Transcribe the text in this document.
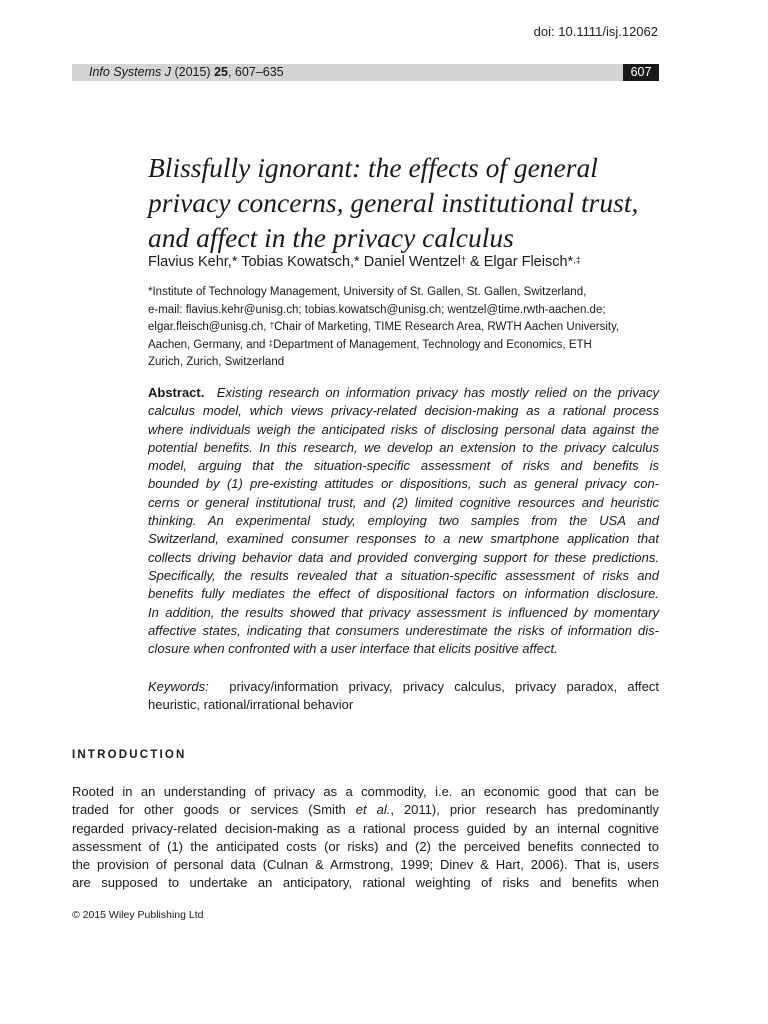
doi: 10.1111/isj.12062
Info Systems J (2015) 25, 607–635	607
Blissfully ignorant: the effects of general privacy concerns, general institutional trust, and affect in the privacy calculus
Flavius Kehr,* Tobias Kowatsch,* Daniel Wentzel† & Elgar Fleisch*,‡
*Institute of Technology Management, University of St. Gallen, St. Gallen, Switzerland,
e-mail: flavius.kehr@unisg.ch; tobias.kowatsch@unisg.ch; wentzel@time.rwth-aachen.de;
elgar.fleisch@unisg.ch, †Chair of Marketing, TIME Research Area, RWTH Aachen University,
Aachen, Germany, and ‡Department of Management, Technology and Economics, ETH
Zurich, Zurich, Switzerland
Abstract. Existing research on information privacy has mostly relied on the privacy
calculus model, which views privacy-related decision-making as a rational process
where individuals weigh the anticipated risks of disclosing personal data against the
potential benefits. In this research, we develop an extension to the privacy calculus
model, arguing that the situation-specific assessment of risks and benefits is
bounded by (1) pre-existing attitudes or dispositions, such as general privacy con-
cerns or general institutional trust, and (2) limited cognitive resources and heuristic
thinking. An experimental study, employing two samples from the USA and
Switzerland, examined consumer responses to a new smartphone application that
collects driving behavior data and provided converging support for these predictions.
Specifically, the results revealed that a situation-specific assessment of risks and
benefits fully mediates the effect of dispositional factors on information disclosure.
In addition, the results showed that privacy assessment is influenced by momentary
affective states, indicating that consumers underestimate the risks of information dis-
closure when confronted with a user interface that elicits positive affect.
Keywords: privacy/information privacy, privacy calculus, privacy paradox, affect
heuristic, rational/irrational behavior
INTRODUCTION
Rooted in an understanding of privacy as a commodity, i.e. an economic good that can be
traded for other goods or services (Smith et al., 2011), prior research has predominantly
regarded privacy-related decision-making as a rational process guided by an internal cognitive
assessment of (1) the anticipated costs (or risks) and (2) the perceived benefits connected to
the provision of personal data (Culnan & Armstrong, 1999; Dinev & Hart, 2006). That is, users
are supposed to undertake an anticipatory, rational weighting of risks and benefits when
© 2015 Wiley Publishing Ltd
